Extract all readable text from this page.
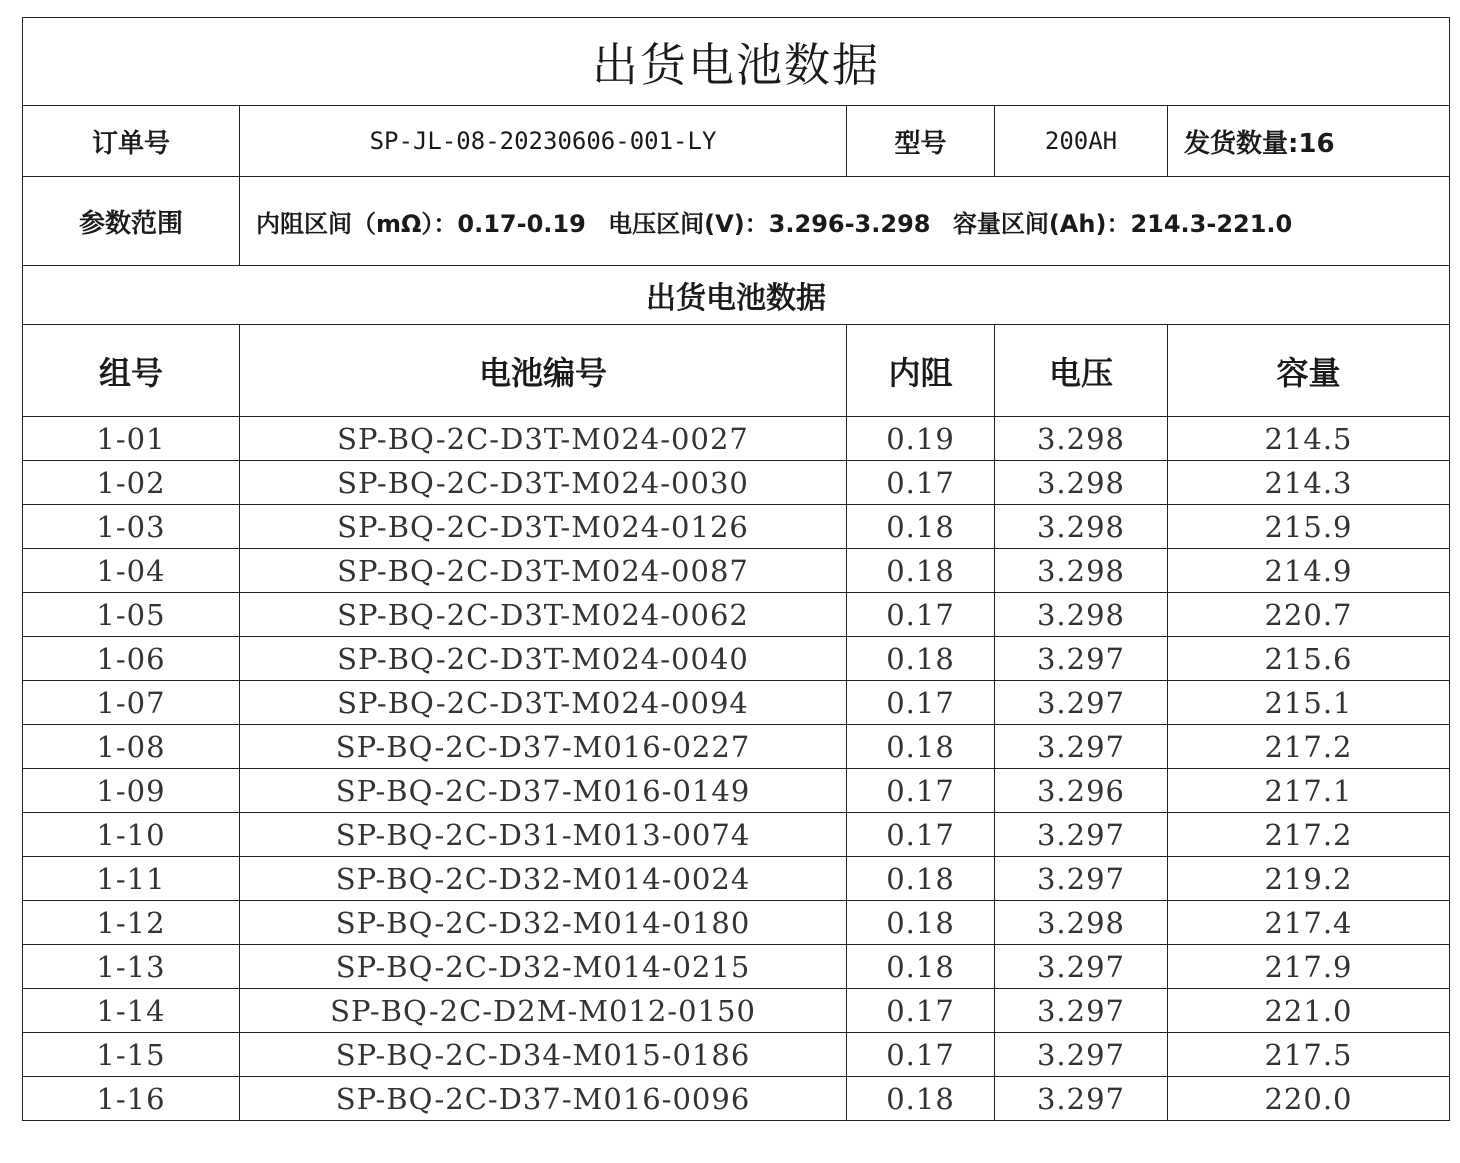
出货电池数据				
订单号	SP-JL-08-20230606-001-LY	型号	200AH	发货数量:16
参数范围	内阻区间（mΩ）：0.17-0.19 电压区间(V)：3.296-3.298 容量区间(Ah)：214.3-221.0			
出货电池数据				
组号	电池编号	内阻	电压	容量
1-01	SP-BQ-2C-D3T-M024-0027	0.19	3.298	214.5
1-02	SP-BQ-2C-D3T-M024-0030	0.17	3.298	214.3
1-03	SP-BQ-2C-D3T-M024-0126	0.18	3.298	215.9
1-04	SP-BQ-2C-D3T-M024-0087	0.18	3.298	214.9
1-05	SP-BQ-2C-D3T-M024-0062	0.17	3.298	220.7
1-06	SP-BQ-2C-D3T-M024-0040	0.18	3.297	215.6
1-07	SP-BQ-2C-D3T-M024-0094	0.17	3.297	215.1
1-08	SP-BQ-2C-D37-M016-0227	0.18	3.297	217.2
1-09	SP-BQ-2C-D37-M016-0149	0.17	3.296	217.1
1-10	SP-BQ-2C-D31-M013-0074	0.17	3.297	217.2
1-11	SP-BQ-2C-D32-M014-0024	0.18	3.297	219.2
1-12	SP-BQ-2C-D32-M014-0180	0.18	3.298	217.4
1-13	SP-BQ-2C-D32-M014-0215	0.18	3.297	217.9
1-14	SP-BQ-2C-D2M-M012-0150	0.17	3.297	221.0
1-15	SP-BQ-2C-D34-M015-0186	0.17	3.297	217.5
1-16	SP-BQ-2C-D37-M016-0096	0.18	3.297	220.0
